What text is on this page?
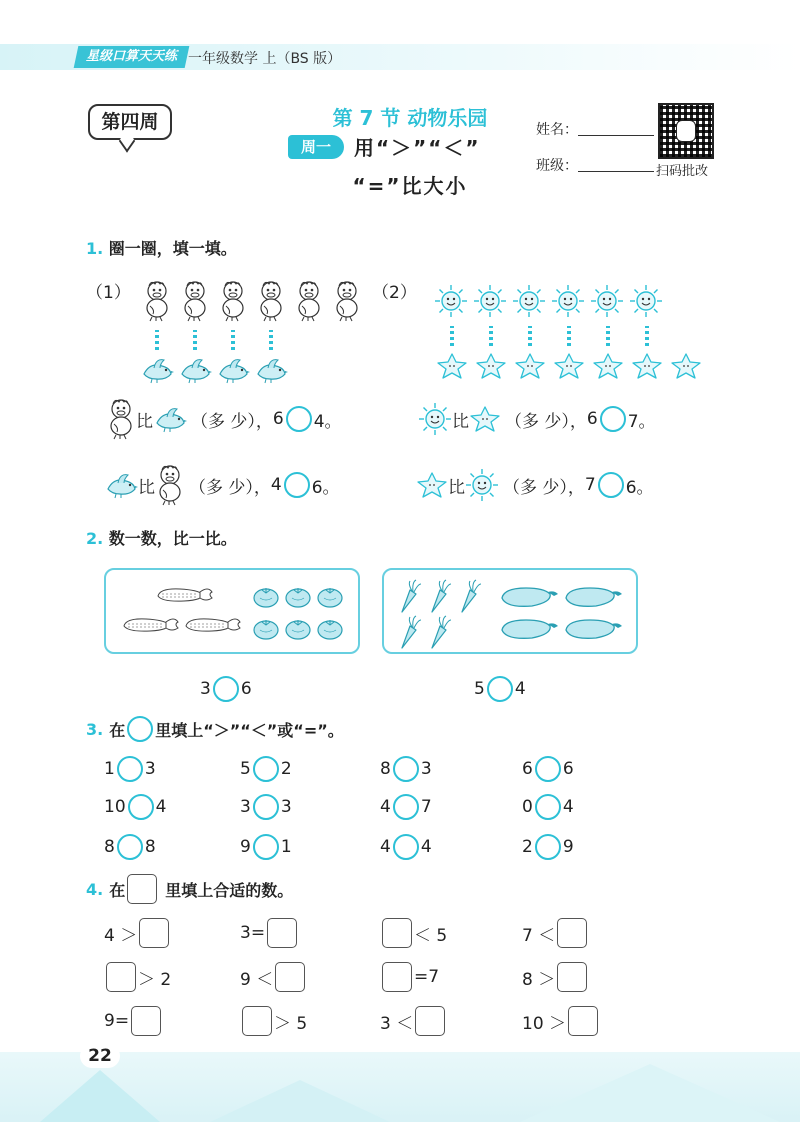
星级口算天天练 一年级数学 上（BS 版）
第四周	第 7 节 动物乐园
周一	用“＞”“＜”
“=”比大小
姓名：
班级：	扫码批改
1. 圈一圈，填一填。
（1）	（2）
比 （多 少）， 6 4。	比 （多 少）， 6 7。
比 （多 少）， 4 6。	比 （多 少）， 7 6。
2. 数一数，比一比。
3 6	5 4
3. 在 里填上“＞”“＜”或“=”。
1 3	5 2	8 3	6 6
10 4	3 3	4 7	0 4
8 8	9 1	4 4	2 9
4. 在	里填上合适的数。
4 ＞	3=	＜ 5	7 ＜
＞ 2	9 ＜	=7	8 ＞
9=	＞ 5	3 ＜	10 ＞
22
